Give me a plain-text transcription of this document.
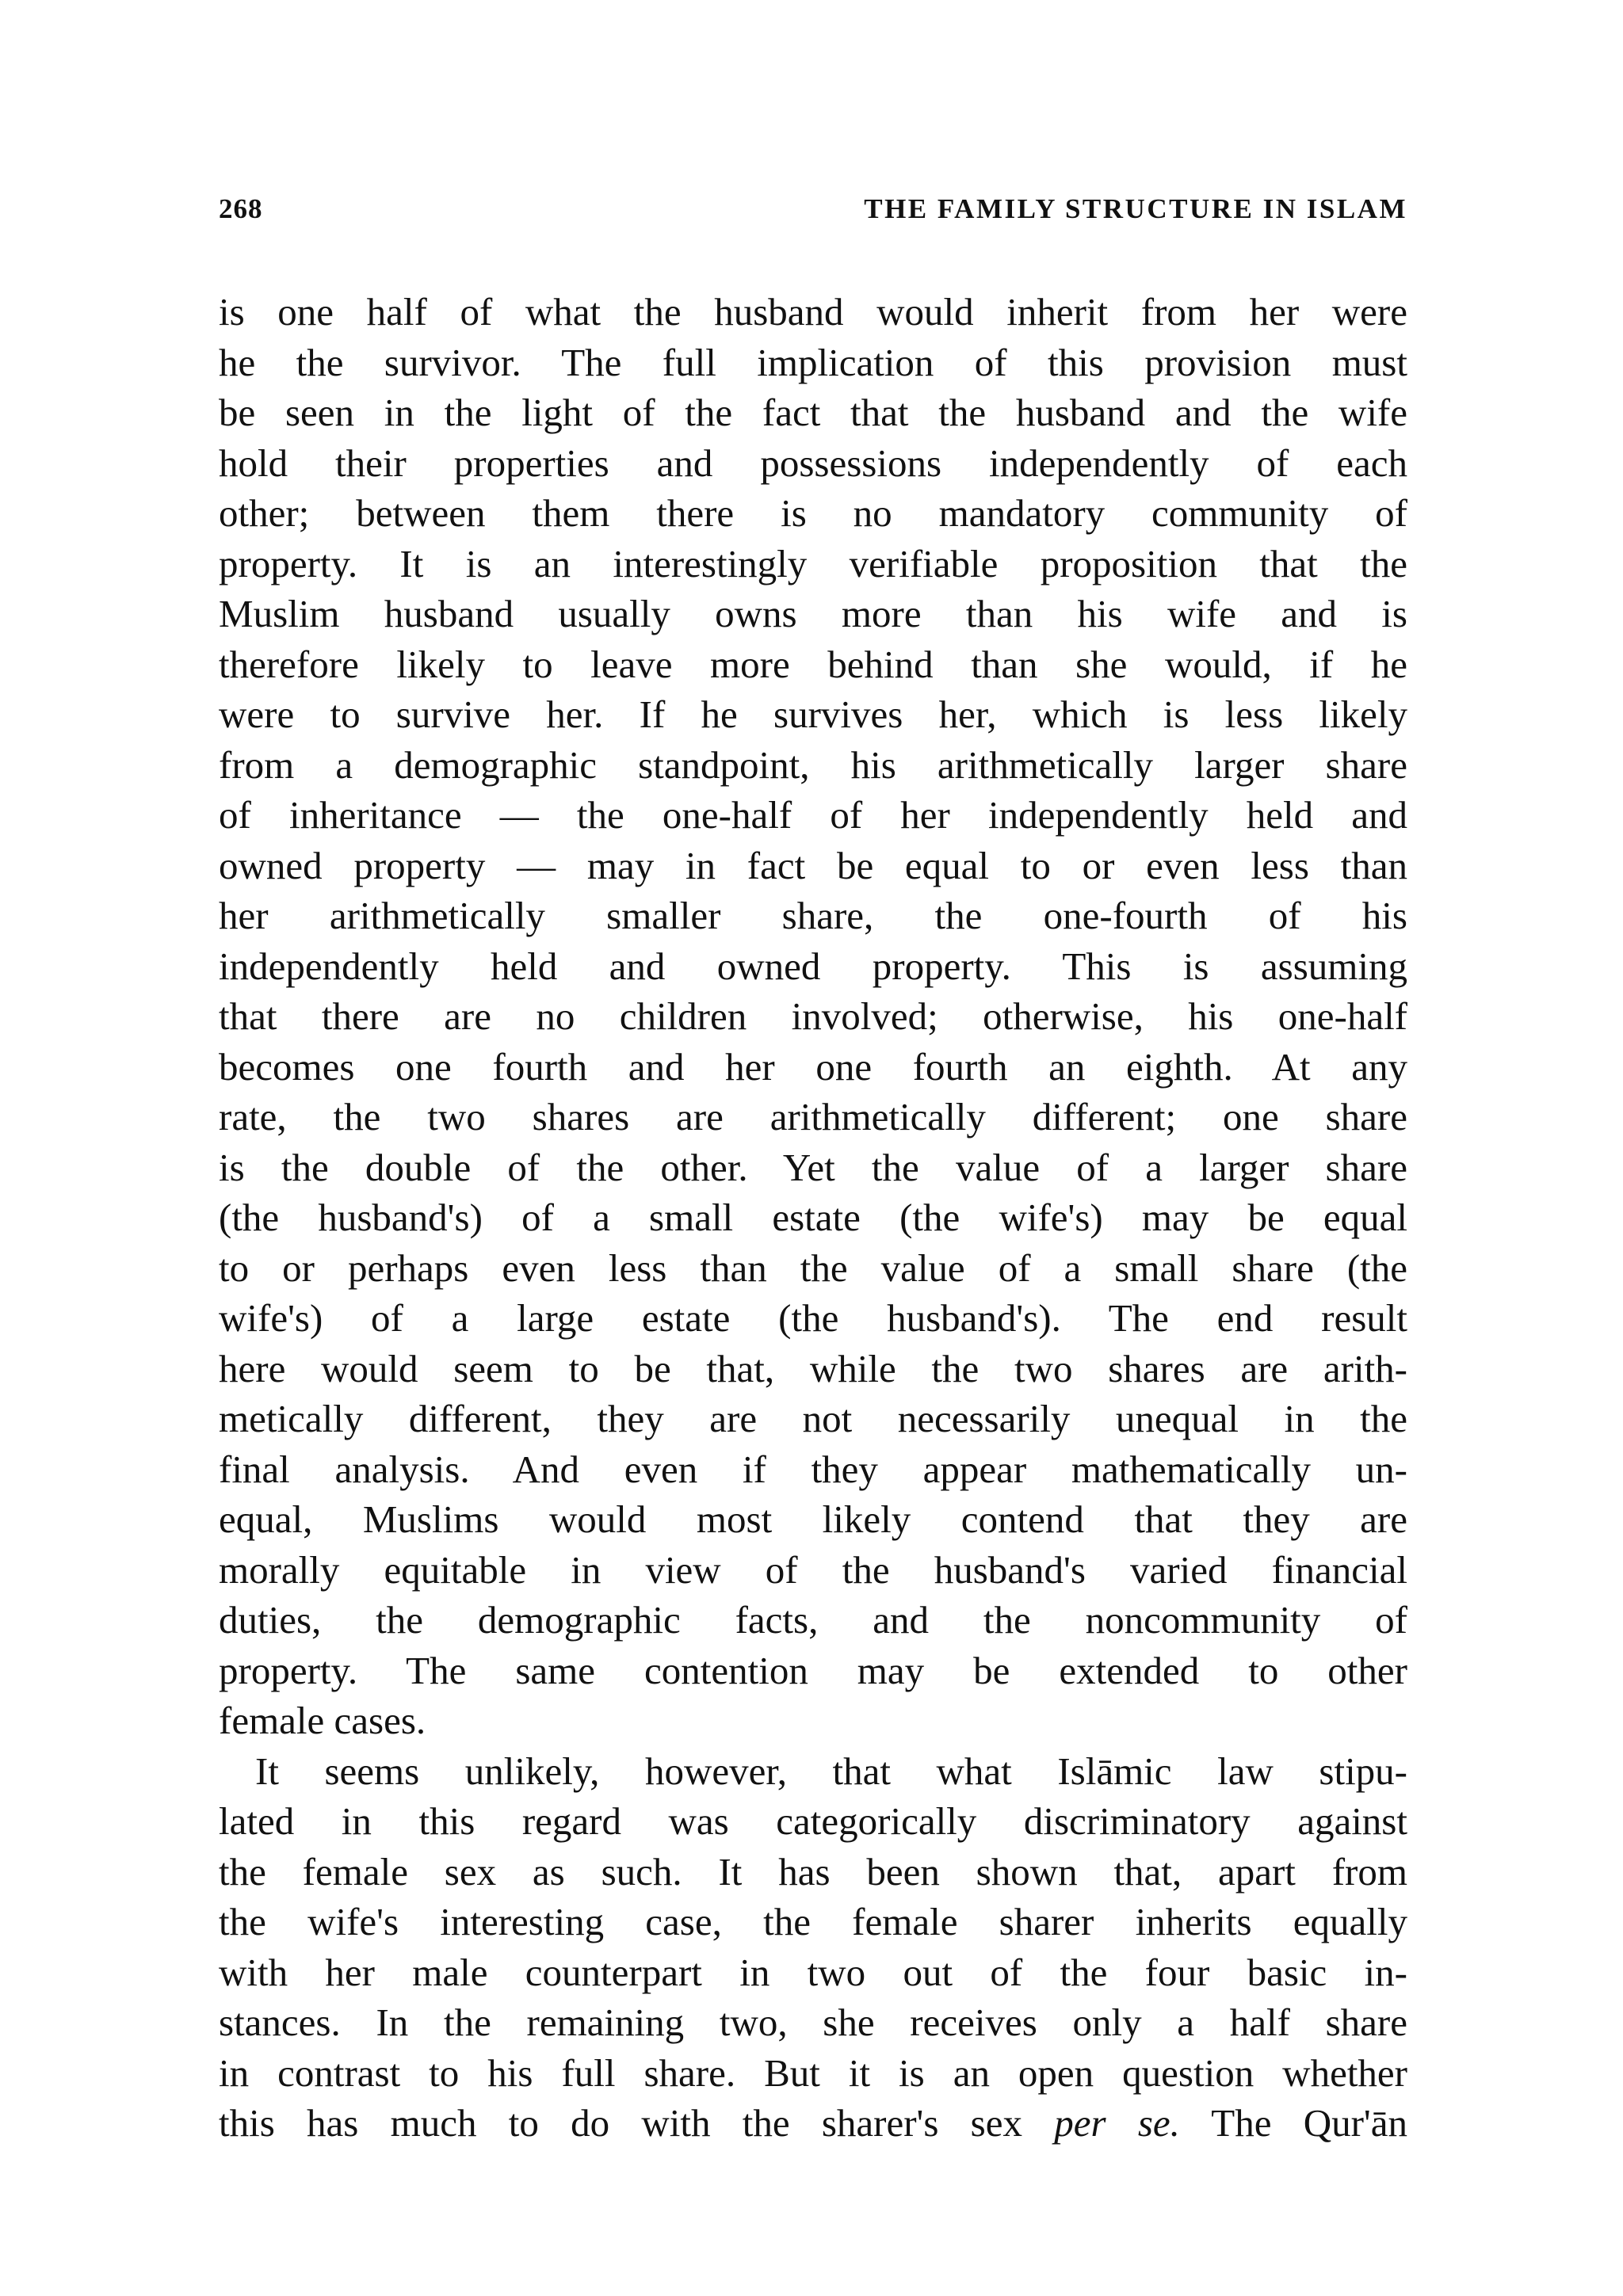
268	THE FAMILY STRUCTURE IN ISLAM
is one half of what the husband would inherit from her were
he the survivor. The full implication of this provision must
be seen in the light of the fact that the husband and the wife
hold their properties and possessions independently of each
other; between them there is no mandatory community of
property. It is an interestingly verifiable proposition that the
Muslim husband usually owns more than his wife and is
therefore likely to leave more behind than she would, if he
were to survive her. If he survives her, which is less likely
from a demographic standpoint, his arithmetically larger share
of inheritance — the one-half of her independently held and
owned property — may in fact be equal to or even less than
her arithmetically smaller share, the one-fourth of his
independently held and owned property. This is assuming
that there are no children involved; otherwise, his one-half
becomes one fourth and her one fourth an eighth. At any
rate, the two shares are arithmetically different; one share
is the double of the other. Yet the value of a larger share
(the husband's) of a small estate (the wife's) may be equal
to or perhaps even less than the value of a small share (the
wife's) of a large estate (the husband's). The end result
here would seem to be that, while the two shares are arith-
metically different, they are not necessarily unequal in the
final analysis. And even if they appear mathematically un-
equal, Muslims would most likely contend that they are
morally equitable in view of the husband's varied financial
duties, the demographic facts, and the noncommunity of
property. The same contention may be extended to other
female cases.
It seems unlikely, however, that what Islāmic law stipu-
lated in this regard was categorically discriminatory against
the female sex as such. It has been shown that, apart from
the wife's interesting case, the female sharer inherits equally
with her male counterpart in two out of the four basic in-
stances. In the remaining two, she receives only a half share
in contrast to his full share. But it is an open question whether
this has much to do with the sharer's sex per se. The Qur'ān
